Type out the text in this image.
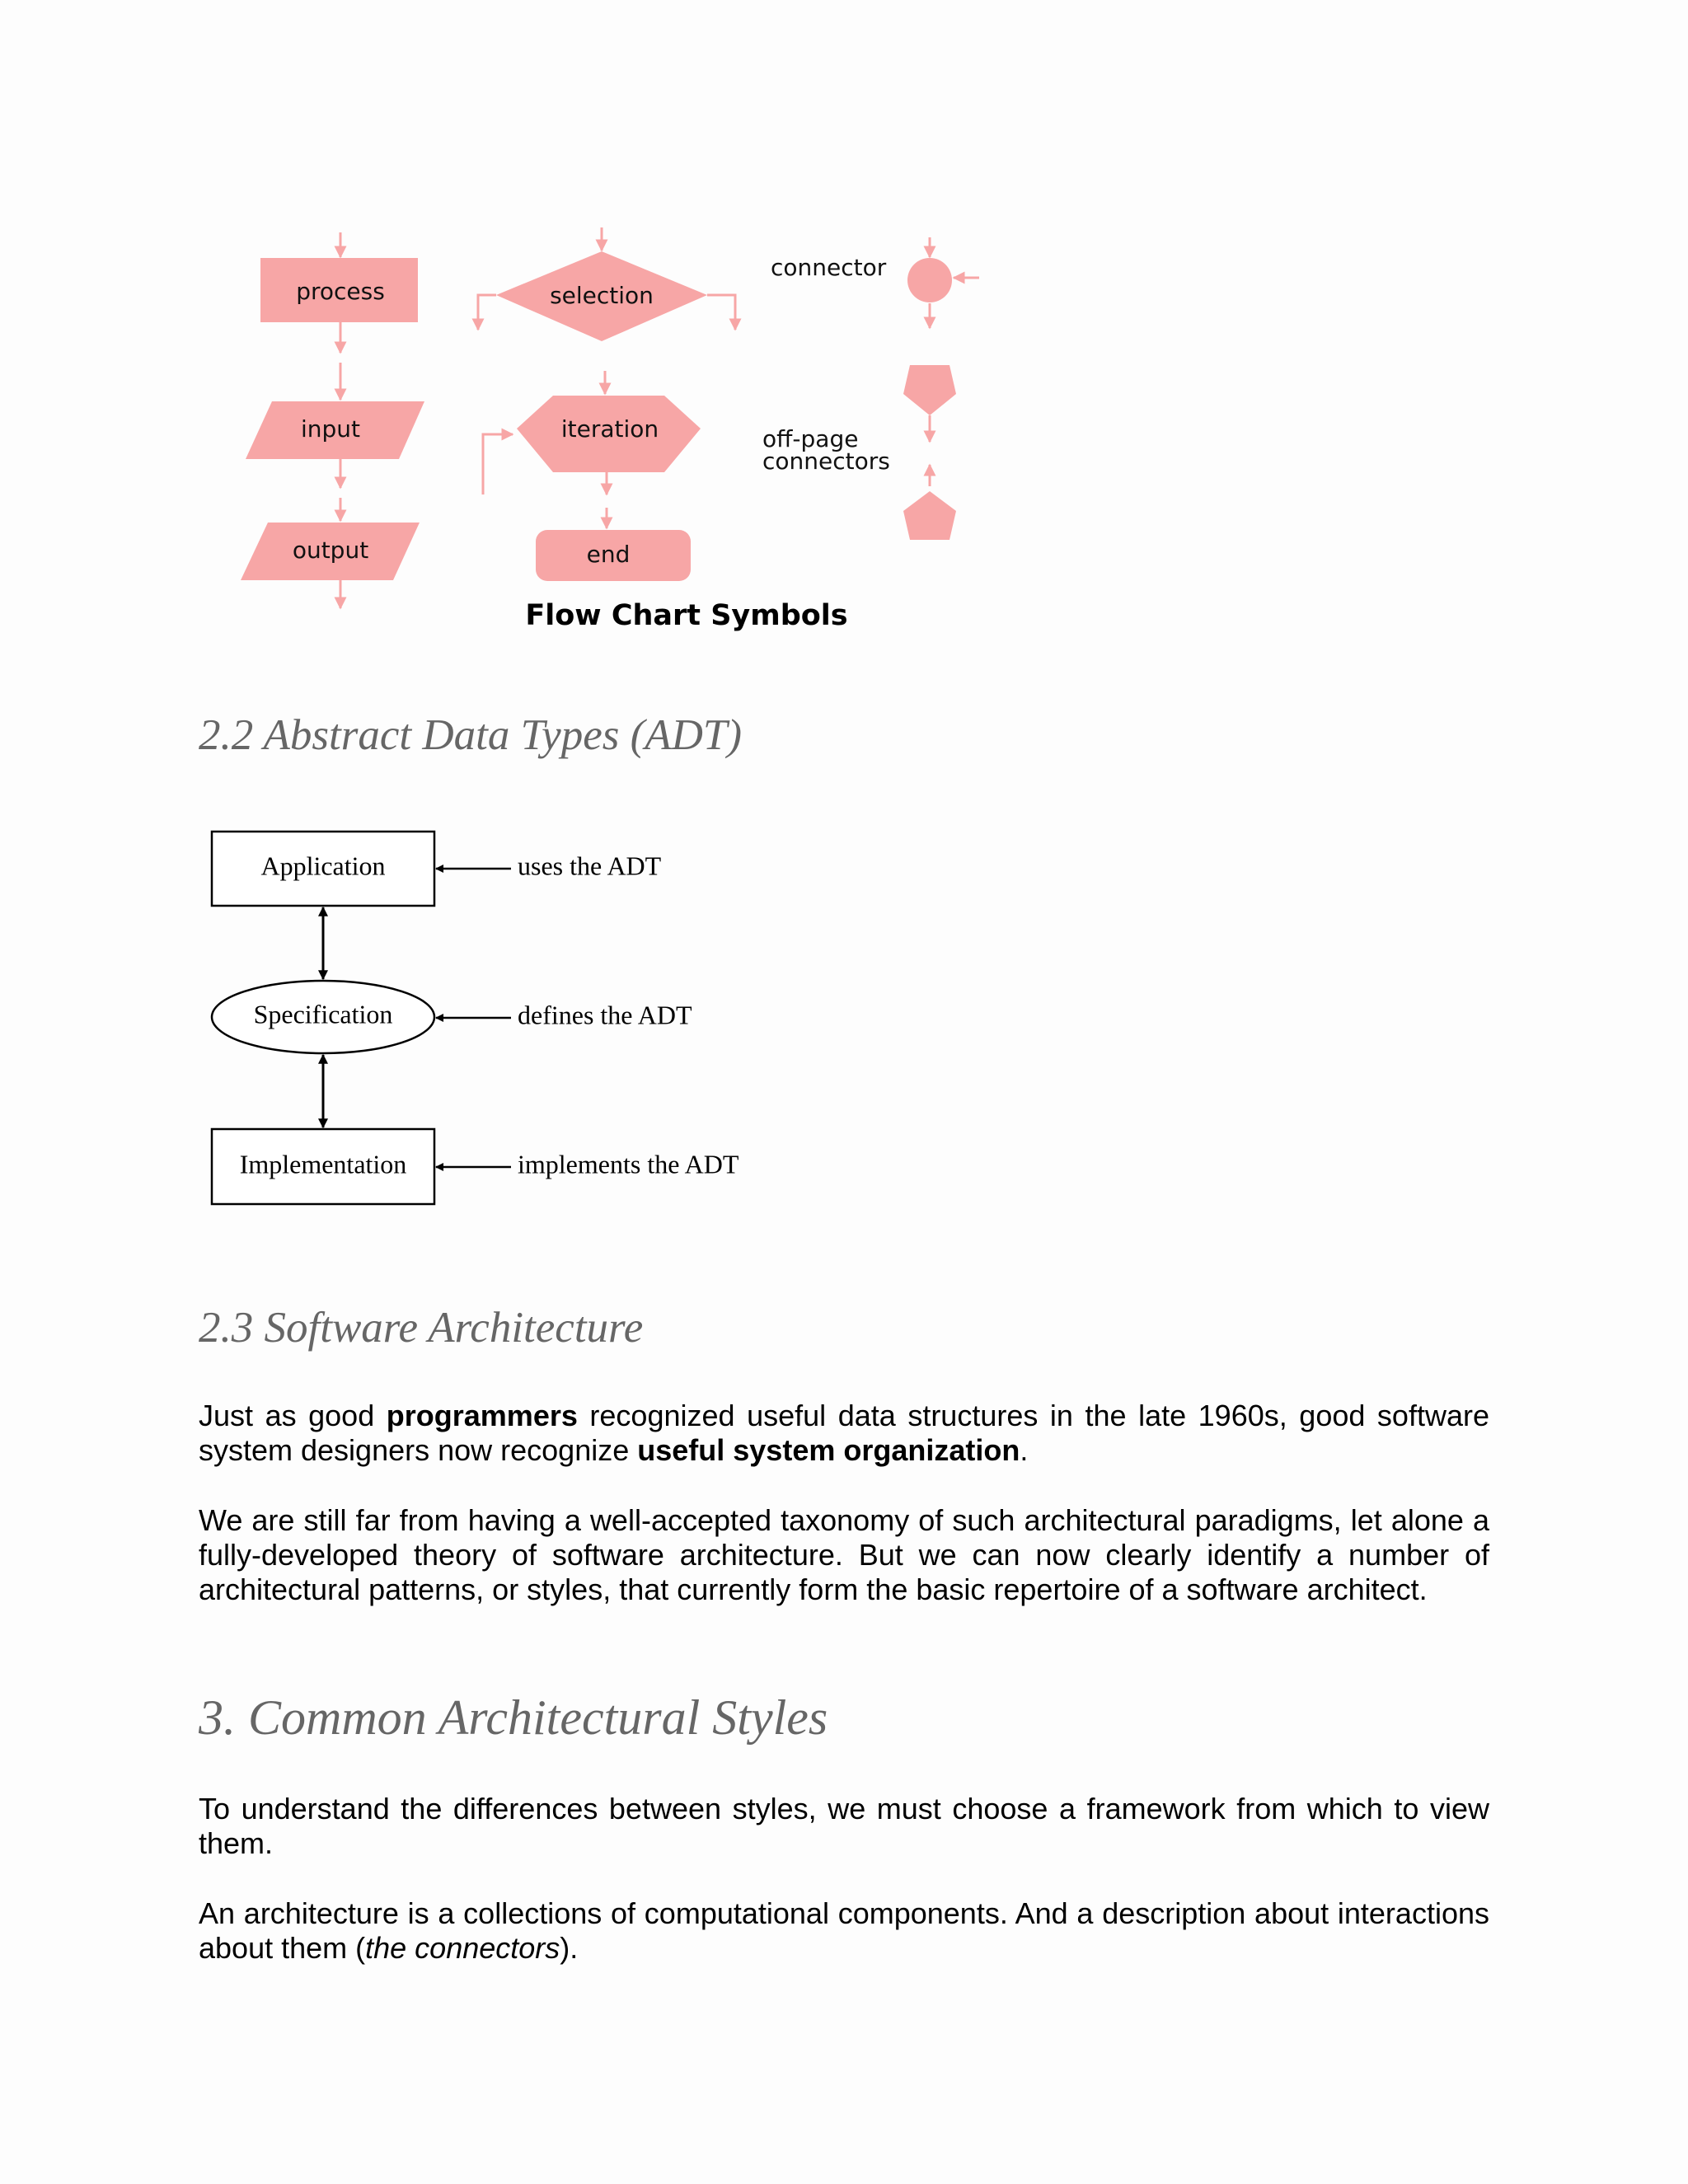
process	selection
connector
input	iteration	off-page
connectors
output	end
Flow Chart Symbols
2.2 Abstract Data Types (ADT)
Application
Specification
Implementation
uses the ADT
defines the ADT
implements the ADT
2.3 Software Architecture

Just as good programmers recognized useful data structures in the late 1960s, good software system designers now recognize useful system organization.

We are still far from having a well-accepted taxonomy of such architectural paradigms, let alone a fully-developed theory of software architecture. But we can now clearly identify a number of architectural patterns, or styles, that currently form the basic repertoire of a software architect.

3. Common Architectural Styles

To understand the differences between styles, we must choose a framework from which to view them.

An architecture is a collections of computational components. And a description about interactions about them (the connectors).
